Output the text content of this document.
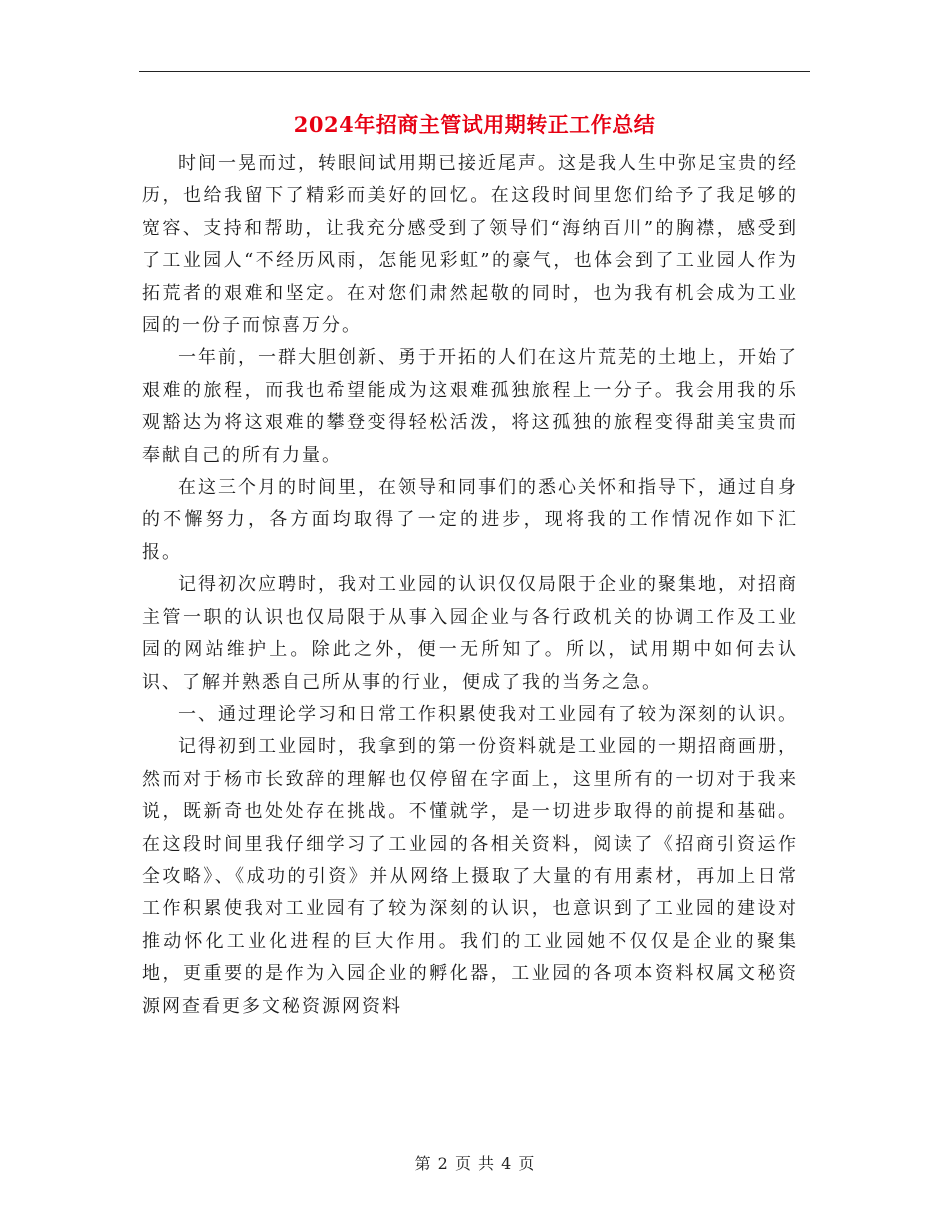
2024年招商主管试用期转正工作总结

时间一晃而过，转眼间试用期已接近尾声。这是我人生中弥足宝贵的经历，也给我留下了精彩而美好的回忆。在这段时间里您们给予了我足够的宽容、支持和帮助，让我充分感受到了领导们“海纳百川”的胸襟，感受到了工业园人“不经历风雨，怎能见彩虹”的豪气，也体会到了工业园人作为拓荒者的艰难和坚定。在对您们肃然起敬的同时，也为我有机会成为工业园的一份子而惊喜万分。

一年前，一群大胆创新、勇于开拓的人们在这片荒芜的土地上，开始了艰难的旅程，而我也希望能成为这艰难孤独旅程上一分子。我会用我的乐观豁达为将这艰难的攀登变得轻松活泼，将这孤独的旅程变得甜美宝贵而奉献自己的所有力量。

在这三个月的时间里，在领导和同事们的悉心关怀和指导下，通过自身的不懈努力，各方面均取得了一定的进步，现将我的工作情况作如下汇报。

记得初次应聘时，我对工业园的认识仅仅局限于企业的聚集地，对招商主管一职的认识也仅局限于从事入园企业与各行政机关的协调工作及工业园的网站维护上。除此之外，便一无所知了。所以，试用期中如何去认识、了解并熟悉自己所从事的行业，便成了我的当务之急。

一、通过理论学习和日常工作积累使我对工业园有了较为深刻的认识。

记得初到工业园时，我拿到的第一份资料就是工业园的一期招商画册，然而对于杨市长致辞的理解也仅停留在字面上，这里所有的一切对于我来说，既新奇也处处存在挑战。不懂就学，是一切进步取得的前提和基础。在这段时间里我仔细学习了工业园的各相关资料，阅读了《招商引资运作全攻略》、《成功的引资》并从网络上摄取了大量的有用素材，再加上日常工作积累使我对工业园有了较为深刻的认识，也意识到了工业园的建设对推动怀化工业化进程的巨大作用。我们的工业园她不仅仅是企业的聚集地，更重要的是作为入园企业的孵化器，工业园的各项本资料权属文秘资源网查看更多文秘资源网资料

第 2 页 共 4 页
